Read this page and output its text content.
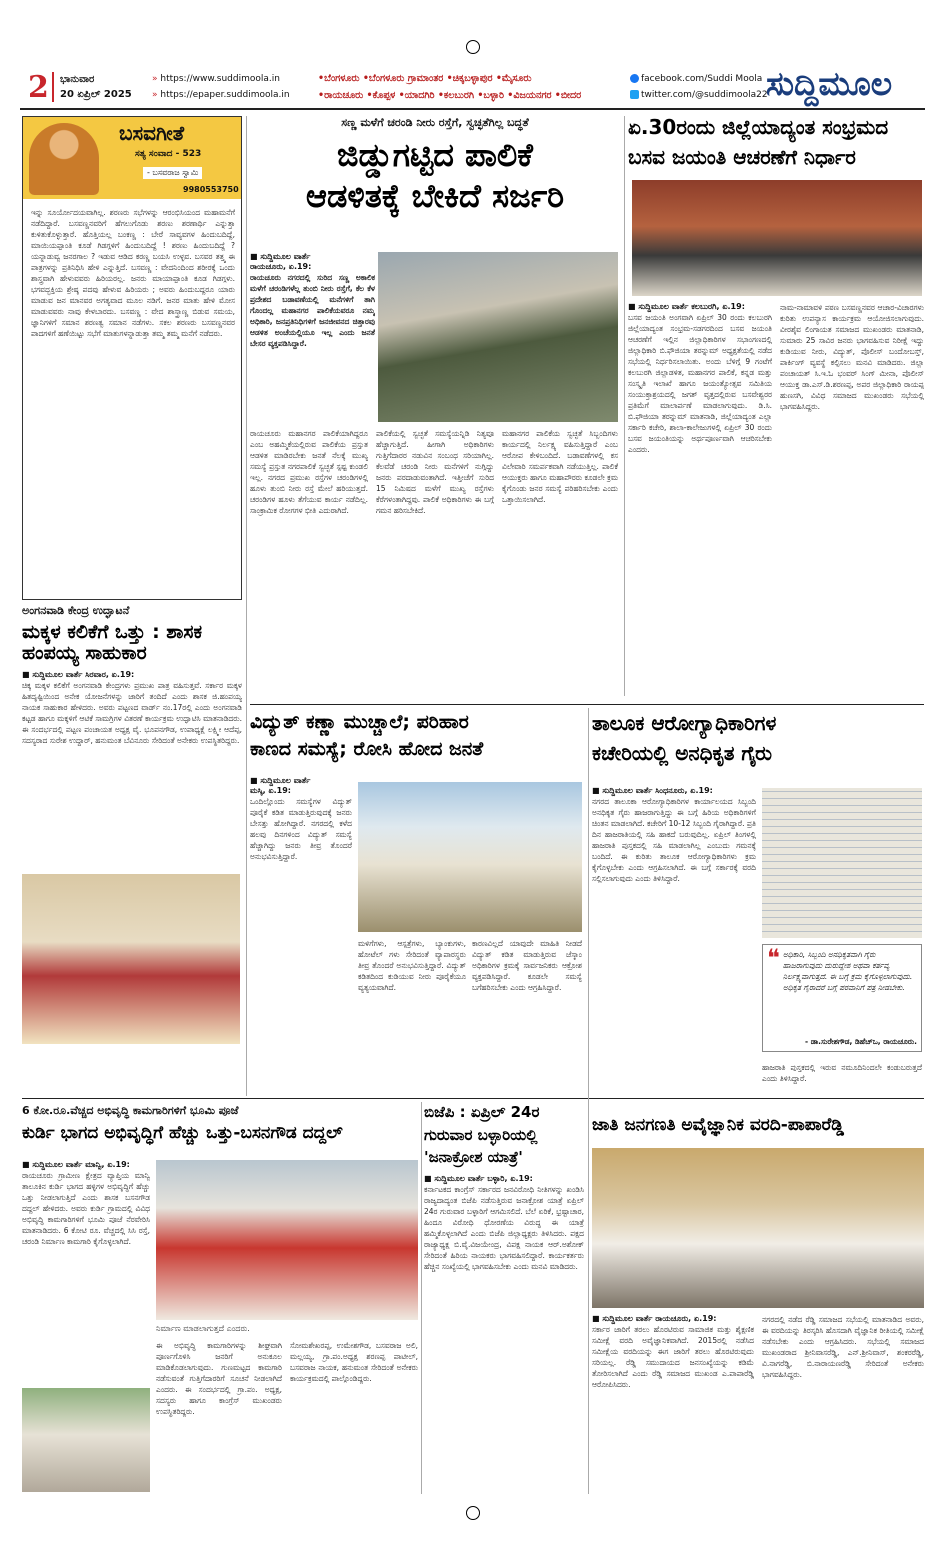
2 ಭಾನುವಾರ
20 ಏಪ್ರಿಲ್ 2025
» https://www.suddimoola.in
» https://epaper.suddimoola.in
•ಬೆಂಗಳೂರು •ಬೆಂಗಳೂರು ಗ್ರಾಮಾಂತರ •ಚಿಕ್ಕಬಳ್ಳಾಪುರ •ಮೈಸೂರು
•ರಾಯಚೂರು •ಕೊಪ್ಪಳ •ಯಾದಗಿರಿ •ಕಲಬುರಗಿ •ಬಳ್ಳಾರಿ •ವಿಜಯನಗರ •ಬೀದರ
facebook.com/Suddi Moola
twitter.com/@suddimoola22
ಸುದ್ದಿಮೂಲ
ಬಸವಗೀತೆ
ಸತ್ಯ ಸಂವಾದ - 523
- ಬಸವರಾಜ ಸ್ವಾಮಿ
9980553750
ಇನ್ನು ಸೂರ್ಯೋದಯವಾಗಿಲ್ಲ. ಶರಣರು ಸಭೆಗಳನ್ನು ಆರಂಭಿಸಿಯಂದ ಮಹಾಮನೆಗೆ ನಡೆದಿದ್ದಾರೆ. ಬಸವಣ್ಣನವರಿಗೆ ಹೆಗಲುಗೊಡು ಶರಣು ಶರಣಾರ್ಥಿ ಎನ್ನುತ್ತಾ ಕುಳಿತುಕೊಳ್ಳುತ್ತಾರೆ. ಹೊತ್ತಿಯಲ್ಲ ಬಂಕಣ್ಣ : ಬೇರೆ ಸಾವ್ಯವಗಳ ಹಿಂದುಬದಿದ್ದೆ, ಮಾಯಿಯಪ್ಪಾಂತಿ ಕೂಡೆ ಗಿಡಗ್ಗಳಿಗೆ ಹಿಂದುಬದಿದ್ದೆ ! ಶರಣು ಹಿಂದುಬದಿದ್ದೆ ? ಯನ್ನಾಡುವ್ವ ಜನರಗಾಲ ? ಇಡುವ ಆಡಿದ ಕರಣ್ಣ ಬಯಸಿ ಉಳ್ಳವ. ಬಸವರ ತತ್ತ್ವ ಈ ಪಾತ್ರಗಳನ್ನು ಪ್ರತಿನಿಧಿಸಿ ಹೇಳಿ ಎನ್ನುತ್ತಿದೆ. ಬಸವಣ್ಣ : ವೇದನಿಂದಿಂದ ಶರೀರಕ್ಕೆ ಒಂದು ಶಾಸ್ತ್ರವಾಗಿ ಹೇಳುವವರು ಹಿರಿಯರಲ್ಲ. ಜನರು ಮಾಯಾಪ್ಪಾಂತಿ ಕೂಡ ಗಿಡಗ್ಗಳು. ಭಗವದ್ಭಕ್ತಿಯ ಶ್ರೇಷ್ಠ ಪದವು ಹೇಳುವ ಹಿರಿಯರು ; ಅವರು ಹಿಂದುಬದ್ದರೂ ಯಾರು ಮಾಡುವ ಜನ ಮಾನವರ ಅಗತ್ಯವಾದ ಮೂಲ ನಡಿಗೆ. ಜನರ ಮಾತು ಹೇಳಿ ಮೋಸ ಮಾಡುವವರು ನಾವು ಕೇಳಬಾರದು. ಬಸವಣ್ಣ : ವೇದ ಶಾಸ್ತ್ರಾಣ್ಣ ಬಿಡುವ ಸಮಯ, ಜ್ಞಾನಿಗಳಿಗೆ ಸಮಾನ ಶರಣತ್ವ ಸಮಾನ ನಡೆಗಳು. ಸಕಲ ಶರಣರು ಬಸವಣ್ಣನವರ ಪಾದಗಳಿಗೆ ಹಣೆಯಿಟ್ಟು ಸಭೆಗೆ ಮಾತುಗಳನ್ನಾಡುತ್ತಾ ತಮ್ಮ ತಮ್ಮ ಮನೆಗೆ ನಡೆದರು.
ಅಂಗನವಾಡಿ ಕೇಂದ್ರ ಉದ್ಘಾಟನೆ
ಮಕ್ಕಳ ಕಲಿಕೆಗೆ ಒತ್ತು : ಶಾಸಕ
ಹಂಪಯ್ಯ ಸಾಹುಕಾರ
■ ಸುದ್ದಿಮೂಲ ವಾರ್ತೆ ಸಿರವಾರ, ಏ.19:
ಚಿಕ್ಕ ಮಕ್ಕಳ ಕಲಿಕೆಗೆ ಅಂಗನವಾಡಿ ಕೇಂದ್ರಗಳು ಪ್ರಮುಖ ಪಾತ್ರ ವಹಿಸುತ್ತವೆ. ಸರ್ಕಾರ ಮಕ್ಕಳ ಹಿತದೃಷ್ಟಿಯಿಂದ ಅನೇಕ ಯೋಜನೆಗಳನ್ನು ಜಾರಿಗೆ ತಂದಿದೆ ಎಂದು ಶಾಸಕ ಜಿ.ಹಂಪಯ್ಯ ನಾಯಕ ಸಾಹುಕಾರ ಹೇಳಿದರು. ಅವರು ಪಟ್ಟಣದ ವಾರ್ಡ್ ನಂ.17ರಲ್ಲಿ ಎಂದು ಅಂಗನವಾಡಿ ಕಟ್ಟಡ ಹಾಗೂ ಮಕ್ಕಳಿಗೆ ಆಟಿಕೆ ಸಾಮಗ್ರಿಗಳ ವಿತರಣೆ ಕಾರ್ಯಕ್ರಮ ಉದ್ಘಾಟಿಸಿ ಮಾತನಾಡಿದರು. ಈ ಸಂದರ್ಭದಲ್ಲಿ ಪಟ್ಟಣ ಪಂಚಾಯತ ಅಧ್ಯಕ್ಷ ವೈ. ಭೂಪನಗೌಡ, ಉಪಾಧ್ಯಕ್ಷೆ ಲಕ್ಷ್ಮೀ ಆದೆಪ್ಪ, ಸದಸ್ಯರಾದ ಸುರೇಶ ಉದ್ದಾರ್, ಹನುಮಂತ ಬೆವಿನೂರು ಸೇರಿದಂತೆ ಅನೇಕರು ಉಪಸ್ಥಿತರಿದ್ದರು.
ಸಣ್ಣ ಮಳೆಗೆ ಚರಂಡಿ ನೀರು ರಸ್ತೆಗೆ, ಸ್ವಚ್ಛತೆಗಿಲ್ಲ ಬದ್ಧತೆ
ಜಿಡ್ಡುಗಟ್ಟಿದ ಪಾಲಿಕೆ
ಆಡಳಿತಕ್ಕೆ ಬೇಕಿದೆ ಸರ್ಜರಿ
■ ಸುದ್ದಿಮೂಲ ವಾರ್ತೆ
ರಾಯಚೂರು, ಏ.19:
ರಾಯಚೂರು ನಗರದಲ್ಲಿ ಸುರಿದ ಸಣ್ಣ ಅಕಾಲಿಕ ಮಳೆಗೆ ಚರಂಡಿಗಳೆಲ್ಲ ತುಂಬಿ ನೀರು ರಸ್ತೆಗೆ, ಕೆಲ ಕೆಳ ಪ್ರದೇಶದ ಬಡಾವಣೆಯಲ್ಲಿ ಮನೆಗಳಿಗೆ ತಾಗಿ ಗೊಂದಲ್ಲ ಮಹಾನಗರ ಪಾಲಿಕೆಯವರೂ ನಮ್ಮ ಅಧಿಕಾರಿ, ಜನಪ್ರತಿನಿಧಿಗಳಿಗೆ ಜನಜೀವನದ ಚಿತ್ತಾರವು ಆಡಳಿತ ಅಂಚೆಯಲ್ಲಿಯೂ ಇಲ್ಲ ಎಂದು ಜನತೆ ಬೇಸರ ವ್ಯಕ್ತಪಡಿಸಿದ್ದಾರೆ.
ರಾಯಚೂರು ಮಹಾನಗರ ಪಾಲಿಕೆಯಾಗಿದ್ದರೂ ಎಂಬ ಅಹಮ್ಮಿಕೆಯಲ್ಲಿರುವ ಪಾಲಿಕೆಯ ಪ್ರಸ್ತುತ ಆಡಳಿತ ಮಾಡಿರಬೇಕು ಜನತೆ ನೆಲಕ್ಕೆ ಮುಖ್ಯ ಸಮಸ್ಯೆ ಪ್ರಸ್ತುತ ನಗರಪಾಲಿಕೆ ಸ್ವಚ್ಛತೆ ಸ್ಪಷ್ಟ ಕುಂಡಲಿ ಇಲ್ಲ. ನಗರದ ಪ್ರಮುಖ ರಸ್ತೆಗಳ ಚರಂಡಿಗಳಲ್ಲಿ ಹೂಳು ತುಂಬಿ ನೀರು ರಸ್ತೆ ಮೇಲೆ ಹರಿಯುತ್ತದೆ. ಚರಂಡಿಗಳ ಹೂಳು ತೆಗೆಯುವ ಕಾರ್ಯ ನಡೆದಿಲ್ಲ. ಸಾಂಕ್ರಾಮಿಕ ರೋಗಗಳ ಭೀತಿ ಎದುರಾಗಿದೆ.
ಪಾಲಿಕೆಯಲ್ಲಿ ಸ್ವಚ್ಛತೆ ಸಮಸ್ಯೆಯನ್ನಿಡಿ ನಿತ್ಯವೂ ಹೆಚ್ಚಾಗುತ್ತಿದೆ. ಹೀಗಾಗಿ ಅಧಿಕಾರಿಗಳು ಗುತ್ತಿಗೆದಾರರ ನಡುವಿನ ಸಂಬಂಧ ಸರಿಯಾಗಿಲ್ಲ. ಕೆಲವೆಡೆ ಚರಂಡಿ ನೀರು ಮನೆಗಳಿಗೆ ನುಗ್ಗಿದ್ದು ಜನರು ಪರದಾಡುವಂತಾಗಿದೆ. ಇತ್ತೀಚೆಗೆ ಸುರಿದ 15 ನಿಮಿಷದ ಮಳೆಗೆ ಮುಖ್ಯ ರಸ್ತೆಗಳು ಕೆರೆಗಳಂತಾಗಿದ್ದವು. ಪಾಲಿಕೆ ಅಧಿಕಾರಿಗಳು ಈ ಬಗ್ಗೆ ಗಮನ ಹರಿಸಬೇಕಿದೆ.
ಮಹಾನಗರ ಪಾಲಿಕೆಯ ಸ್ವಚ್ಛತೆ ಸಿಬ್ಬಂದಿಗಳು ಕಾರ್ಯದಲ್ಲಿ ನಿರ್ಲಕ್ಷ್ಯ ವಹಿಸುತ್ತಿದ್ದಾರೆ ಎಂಬ ಆರೋಪ ಕೇಳಿಬಂದಿದೆ. ಬಡಾವಣೆಗಳಲ್ಲಿ ಕಸ ವಿಲೇವಾರಿ ಸಮರ್ಪಕವಾಗಿ ನಡೆಯುತ್ತಿಲ್ಲ. ಪಾಲಿಕೆ ಆಯುಕ್ತರು ಹಾಗೂ ಮಹಾಪೌರರು ಕೂಡಲೇ ಕ್ರಮ ಕೈಗೊಂಡು ಜನರ ಸಮಸ್ಯೆ ಪರಿಹರಿಸಬೇಕು ಎಂದು ಒತ್ತಾಯಿಸಲಾಗಿದೆ.
ಏ.30ರಂದು ಜಿಲ್ಲೆಯಾದ್ಯಂತ ಸಂಭ್ರಮದ
ಬಸವ ಜಯಂತಿ ಆಚರಣೆಗೆ ನಿರ್ಧಾರ
■ ಸುದ್ದಿಮೂಲ ವಾರ್ತೆ ಕಲಬುರಗಿ, ಏ.19:
ಬಸವ ಜಯಂತಿ ಅಂಗವಾಗಿ ಏಪ್ರಿಲ್ 30 ರಂದು ಕಲಬುರಗಿ ಜಿಲ್ಲೆಯಾದ್ಯಂತ ಸಂಭ್ರಮ-ಸಡಗರದಿಂದ ಬಸವ ಜಯಂತಿ ಆಚರಣೆಗೆ ಇಲ್ಲಿನ ಜಿಲ್ಲಾಧಿಕಾರಿಗಳ ಸಭಾಂಗಣದಲ್ಲಿ ಜಿಲ್ಲಾಧಿಕಾರಿ ಬಿ.ಫೌಜಿಯಾ ತರನ್ನುಮ್ ಅಧ್ಯಕ್ಷತೆಯಲ್ಲಿ ನಡೆದ ಸಭೆಯಲ್ಲಿ ನಿರ್ಧರಿಸಲಾಯಿತು. ಅಂದು ಬೆಳಿಗ್ಗೆ 9 ಗಂಟೆಗೆ ಕಲಬುರಗಿ ಜಿಲ್ಲಾಡಳಿತ, ಮಹಾನಗರ ಪಾಲಿಕೆ, ಕನ್ನಡ ಮತ್ತು ಸಂಸ್ಕೃತಿ ಇಲಾಖೆ ಹಾಗೂ ಜಯಂತ್ಯೋತ್ಸವ ಸಮಿತಿಯ ಸಂಯುಕ್ತಾಶ್ರಯದಲ್ಲಿ ಜಗತ್ ವೃತ್ತದಲ್ಲಿರುವ ಬಸವೇಶ್ವರರ ಪ್ರತಿಮೆಗೆ ಮಾಲಾರ್ಪಣೆ ಮಾಡಲಾಗುವುದು. ಡಿ.ಸಿ. ಬಿ.ಫೌಜಿಯಾ ತರನ್ನುಮ್ ಮಾತನಾಡಿ, ಜಿಲ್ಲೆಯಾದ್ಯಂತ ಎಲ್ಲಾ ಸರ್ಕಾರಿ ಕಚೇರಿ, ಶಾಲಾ-ಕಾಲೇಜುಗಳಲ್ಲಿ ಏಪ್ರಿಲ್ 30 ರಂದು ಬಸವ ಜಯಂತಿಯನ್ನು ಅರ್ಥಪೂರ್ಣವಾಗಿ ಆಚರಿಸಬೇಕು ಎಂದರು.
ನಾಮ-ನಾಮಾವಳಿ ಪಠಣ ಬಸವಣ್ಣನವರ ಆಚಾರ-ವಿಚಾರಗಳು ಕುರಿತು ಉಪನ್ಯಾಸ ಕಾರ್ಯಕ್ರಮ ಆಯೋಜಿಸಲಾಗುವುದು. ವೀರಶೈವ ಲಿಂಗಾಯತ ಸಮಾಜದ ಮುಖಂಡರು ಮಾತನಾಡಿ, ಸುಮಾರು 25 ಸಾವಿರ ಜನರು ಭಾಗವಹಿಸುವ ನಿರೀಕ್ಷೆ ಇದ್ದು ಕುಡಿಯುವ ನೀರು, ವಿದ್ಯುತ್, ಪೊಲೀಸ್ ಬಂದೋಬಸ್ತ್, ಪಾರ್ಕಿಂಗ್ ವ್ಯವಸ್ಥೆ ಕಲ್ಪಿಸಲು ಮನವಿ ಮಾಡಿದರು. ಜಿಲ್ಲಾ ಪಂಚಾಯತ್ ಸಿ.ಇ.ಓ ಭಂವರ್ ಸಿಂಗ್ ಮೀನಾ, ಪೊಲೀಸ್ ಆಯುಕ್ತ ಡಾ.ಎಸ್.ಡಿ.ಶರಣಪ್ಪ, ಅಪರ ಜಿಲ್ಲಾಧಿಕಾರಿ ರಾಯಪ್ಪ ಹುಣಸಗಿ, ವಿವಿಧ ಸಮಾಜದ ಮುಖಂಡರು ಸಭೆಯಲ್ಲಿ ಭಾಗವಹಿಸಿದ್ದರು.
ವಿದ್ಯುತ್ ಕಣ್ಣಾ ಮುಚ್ಚಾಲೆ; ಪರಿಹಾರ
ಕಾಣದ ಸಮಸ್ಯೆ; ರೋಸಿ ಹೋದ ಜನತೆ
■ ಸುದ್ದಿಮೂಲ ವಾರ್ತೆ
ಮಸ್ಕಿ, ಏ.19:
ಒಂದಿಲ್ಲೊಂದು ಸಮಸ್ಯೆಗಳ ವಿದ್ಯುತ್ ಪೂರೈಕೆ ಕಡಿತ ಮಾಡುತ್ತಿರುವುದಕ್ಕೆ ಜನರು ಬೇಸತ್ತು ಹೋಗಿದ್ದಾರೆ. ನಗರದಲ್ಲಿ ಕಳೆದ ಹಲವು ದಿನಗಳಿಂದ ವಿದ್ಯುತ್ ಸಮಸ್ಯೆ ಹೆಚ್ಚಾಗಿದ್ದು ಜನರು ತೀವ್ರ ತೊಂದರೆ ಅನುಭವಿಸುತ್ತಿದ್ದಾರೆ.
ಮಳಿಗೆಗಳು, ಆಸ್ಪತ್ರೆಗಳು, ಬ್ಯಾಂಕುಗಳು, ಹೋಟೆಲ್ ಗಳು ಸೇರಿದಂತೆ ವ್ಯಾಪಾರಸ್ಥರು ತೀವ್ರ ತೊಂದರೆ ಅನುಭವಿಸುತ್ತಿದ್ದಾರೆ. ವಿದ್ಯುತ್ ಕಡಿತದಿಂದ ಕುಡಿಯುವ ನೀರು ಪೂರೈಕೆಯೂ ವ್ಯತ್ಯಯವಾಗಿದೆ.
ಕಾರಣವಿಲ್ಲದೆ ಯಾವುದೇ ಮಾಹಿತಿ ನೀಡದೆ ವಿದ್ಯುತ್ ಕಡಿತ ಮಾಡುತ್ತಿರುವ ಜೆಸ್ಕಾಂ ಅಧಿಕಾರಿಗಳ ಕ್ರಮಕ್ಕೆ ಸಾರ್ವಜನಿಕರು ಆಕ್ರೋಶ ವ್ಯಕ್ತಪಡಿಸಿದ್ದಾರೆ. ಕೂಡಲೇ ಸಮಸ್ಯೆ ಬಗೆಹರಿಸಬೇಕು ಎಂದು ಆಗ್ರಹಿಸಿದ್ದಾರೆ.
ತಾಲೂಕ ಆರೋಗ್ಯಾಧಿಕಾರಿಗಳ
ಕಚೇರಿಯಲ್ಲಿ ಅನಧಿಕೃತ ಗೈರು
■ ಸುದ್ದಿಮೂಲ ವಾರ್ತೆ ಸಿಂಧನೂರು, ಏ.19:
ನಗರದ ತಾಲೂಕಾ ಆರೋಗ್ಯಾಧಿಕಾರಿಗಳ ಕಾರ್ಯಾಲಯದ ಸಿಬ್ಬಂದಿ ಅನಧಿಕೃತ ಗೈರು ಹಾಜರಾಗುತ್ತಿದ್ದು ಈ ಬಗ್ಗೆ ಹಿರಿಯ ಅಧಿಕಾರಿಗಳಿಗೆ ಚಿಂತನ ಮಾಡಲಾಗಿದೆ. ಕಚೇರಿಗೆ 10-12 ಸಿಬ್ಬಂದಿ ಗೈರಾಗಿದ್ದಾರೆ. ಪ್ರತಿ ದಿನ ಹಾಜರಾತಿಯಲ್ಲಿ ಸಹಿ ಹಾಕದೆ ಬರುವುದಿಲ್ಲ. ಏಪ್ರಿಲ್ ತಿಂಗಳಲ್ಲಿ ಹಾಜರಾತಿ ಪುಸ್ತಕದಲ್ಲಿ ಸಹಿ ಮಾಡಲಾಗಿಲ್ಲ ಎಂಬುದು ಗಮನಕ್ಕೆ ಬಂದಿದೆ. ಈ ಕುರಿತು ತಾಲೂಕ ಆರೋಗ್ಯಾಧಿಕಾರಿಗಳು ಕ್ರಮ ಕೈಗೊಳ್ಳಬೇಕು ಎಂದು ಆಗ್ರಹಿಸಲಾಗಿದೆ. ಈ ಬಗ್ಗೆ ಸರ್ಕಾರಕ್ಕೆ ವರದಿ ಸಲ್ಲಿಸಲಾಗುವುದು ಎಂದು ತಿಳಿಸಿದ್ದಾರೆ.
❝ ಅಧಿಕಾರಿ, ಸಿಬ್ಬಂದಿ ಅನಧಿಕೃತವಾಗಿ ಗೈರು ಹಾಜರಾಗುವುದು ದುರುದ್ದೇಶ ಅಥವಾ ಕರ್ತವ್ಯ ನಿರ್ಲಕ್ಷ್ಯವಾಗುತ್ತದೆ. ಈ ಬಗ್ಗೆ ಕ್ರಮ ಕೈಗೊಳ್ಳಲಾಗುವುದು. ಅಧಿಕೃತ ಗೈರಾದರೆ ಬಗ್ಗೆ ಪರವಾನಿಗೆ ಪತ್ರ ನೀಡಬೇಕು.
- ಡಾ.ಸುರೇಶಗೌಡ, ಡಿಹೆಚ್ಒ, ರಾಯಚೂರು.
ಹಾಜರಾತಿ ಪುಸ್ತಕದಲ್ಲಿ ಇರುವ ನಮೂದಿನಿಂದಲೇ ಕಂಡುಬರುತ್ತದೆ ಎಂದು ತಿಳಿಸಿದ್ದಾರೆ.
6 ಕೋ.ರೂ.ವೆಚ್ಚದ ಅಭಿವೃದ್ಧಿ ಕಾಮಗಾರಿಗಳಿಗೆ ಭೂಮಿ ಪೂಜೆ
ಕುರ್ಡಿ ಭಾಗದ ಅಭಿವೃದ್ಧಿಗೆ ಹೆಚ್ಚು ಒತ್ತು-ಬಸನಗೌಡ ದದ್ದಲ್
■ ಸುದ್ದಿಮೂಲ ವಾರ್ತೆ ಮಾನ್ವಿ, ಏ.19:
ರಾಯಚೂರು ಗ್ರಾಮೀಣ ಕ್ಷೇತ್ರದ ವ್ಯಾಪ್ತಿಯ ಮಾನ್ವಿ ತಾಲೂಕಿನ ಕುರ್ಡಿ ಭಾಗದ ಹಳ್ಳಿಗಳ ಅಭಿವೃದ್ಧಿಗೆ ಹೆಚ್ಚು ಒತ್ತು ನೀಡಲಾಗುತ್ತಿದೆ ಎಂದು ಶಾಸಕ ಬಸನಗೌಡ ದದ್ದಲ್ ಹೇಳಿದರು. ಅವರು ಕುರ್ಡಿ ಗ್ರಾಮದಲ್ಲಿ ವಿವಿಧ ಅಭಿವೃದ್ಧಿ ಕಾಮಗಾರಿಗಳಿಗೆ ಭೂಮಿ ಪೂಜೆ ನೆರವೇರಿಸಿ ಮಾತನಾಡಿದರು. 6 ಕೋಟಿ ರೂ. ವೆಚ್ಚದಲ್ಲಿ ಸಿಸಿ ರಸ್ತೆ, ಚರಂಡಿ ನಿರ್ಮಾಣ ಕಾಮಗಾರಿ ಕೈಗೊಳ್ಳಲಾಗಿದೆ.
ನಿರ್ಮಾಣ ಮಾಡಲಾಗುತ್ತದೆ ಎಂದರು.
ಈ ಅಭಿವೃದ್ಧಿ ಕಾಮಗಾರಿಗಳನ್ನು ಶೀಘ್ರವಾಗಿ ಪೂರ್ಣಗೊಳಿಸಿ ಜನರಿಗೆ ಅನುಕೂಲ ಮಾಡಿಕೊಡಲಾಗುವುದು. ಗುಣಮಟ್ಟದ ಕಾಮಗಾರಿ ನಡೆಸುವಂತೆ ಗುತ್ತಿಗೆದಾರರಿಗೆ ಸೂಚನೆ ನೀಡಲಾಗಿದೆ ಎಂದರು. ಈ ಸಂದರ್ಭದಲ್ಲಿ ಗ್ರಾ.ಪಂ. ಅಧ್ಯಕ್ಷ, ಸದಸ್ಯರು ಹಾಗೂ ಕಾಂಗ್ರೆಸ್ ಮುಖಂಡರು ಉಪಸ್ಥಿತರಿದ್ದರು.
ಸೋಮಶೇಖರಪ್ಪ, ಉಮೇಶಗೌಡ, ಬಸವರಾಜ ಅಲಿ, ಮಲ್ಲಯ್ಯ, ಗ್ರಾ.ಪಂ.ಅಧ್ಯಕ್ಷ ಶರಣಪ್ಪ ಪಾಟೀಲ್, ಬಸವರಾಜ ನಾಯಕ, ಹನುಮಂತ ಸೇರಿದಂತೆ ಅನೇಕರು ಕಾರ್ಯಕ್ರಮದಲ್ಲಿ ಪಾಲ್ಗೊಂಡಿದ್ದರು.
ಬಿಜೆಪಿ : ಏಪ್ರಿಲ್ 24ರ
ಗುರುವಾರ ಬಳ್ಳಾರಿಯಲ್ಲಿ
'ಜನಾಕ್ರೋಶ ಯಾತ್ರೆ'
■ ಸುದ್ದಿಮೂಲ ವಾರ್ತೆ ಬಳ್ಳಾರಿ, ಏ.19:
ಕರ್ನಾಟಕದ ಕಾಂಗ್ರೆಸ್ ಸರ್ಕಾರದ ಜನವಿರೋಧಿ ನೀತಿಗಳನ್ನು ಖಂಡಿಸಿ ರಾಜ್ಯದಾದ್ಯಂತ ಬಿಜೆಪಿ ನಡೆಸುತ್ತಿರುವ ಜನಾಕ್ರೋಶ ಯಾತ್ರೆ ಏಪ್ರಿಲ್ 24ರ ಗುರುವಾರ ಬಳ್ಳಾರಿಗೆ ಆಗಮಿಸಲಿದೆ. ಬೆಲೆ ಏರಿಕೆ, ಭ್ರಷ್ಟಾಚಾರ, ಹಿಂದೂ ವಿರೋಧಿ ಧೋರಣೆಯ ವಿರುದ್ಧ ಈ ಯಾತ್ರೆ ಹಮ್ಮಿಕೊಳ್ಳಲಾಗಿದೆ ಎಂದು ಬಿಜೆಪಿ ಜಿಲ್ಲಾಧ್ಯಕ್ಷರು ತಿಳಿಸಿದರು. ಪಕ್ಷದ ರಾಜ್ಯಾಧ್ಯಕ್ಷ ಬಿ.ವೈ.ವಿಜಯೇಂದ್ರ, ವಿಪಕ್ಷ ನಾಯಕ ಆರ್.ಅಶೋಕ್ ಸೇರಿದಂತೆ ಹಿರಿಯ ನಾಯಕರು ಭಾಗವಹಿಸಲಿದ್ದಾರೆ. ಕಾರ್ಯಕರ್ತರು ಹೆಚ್ಚಿನ ಸಂಖ್ಯೆಯಲ್ಲಿ ಭಾಗವಹಿಸಬೇಕು ಎಂದು ಮನವಿ ಮಾಡಿದರು.
ಜಾತಿ ಜನಗಣತಿ ಅವೈಜ್ಞಾನಿಕ ವರದಿ-ಪಾಪಾರೆಡ್ಡಿ
■ ಸುದ್ದಿಮೂಲ ವಾರ್ತೆ ರಾಯಚೂರು, ಏ.19:
ಸರ್ಕಾರ ಜಾರಿಗೆ ತರಲು ಹೊರಟಿರುವ ಸಾಮಾಜಿಕ ಮತ್ತು ಶೈಕ್ಷಣಿಕ ಸಮೀಕ್ಷೆ ವರದಿ ಅವೈಜ್ಞಾನಿಕವಾಗಿದೆ. 2015ರಲ್ಲಿ ನಡೆಸಿದ ಸಮೀಕ್ಷೆಯ ವರದಿಯನ್ನು ಈಗ ಜಾರಿಗೆ ತರಲು ಹೊರಟಿರುವುದು ಸರಿಯಲ್ಲ. ರೆಡ್ಡಿ ಸಮುದಾಯದ ಜನಸಂಖ್ಯೆಯನ್ನು ಕಡಿಮೆ ತೋರಿಸಲಾಗಿದೆ ಎಂದು ರೆಡ್ಡಿ ಸಮಾಜದ ಮುಖಂಡ ಎ.ಪಾಪಾರೆಡ್ಡಿ ಆರೋಪಿಸಿದರು.
ನಗರದಲ್ಲಿ ನಡೆದ ರೆಡ್ಡಿ ಸಮಾಜದ ಸಭೆಯಲ್ಲಿ ಮಾತನಾಡಿದ ಅವರು, ಈ ವರದಿಯನ್ನು ತಿರಸ್ಕರಿಸಿ ಹೊಸದಾಗಿ ವೈಜ್ಞಾನಿಕ ರೀತಿಯಲ್ಲಿ ಸಮೀಕ್ಷೆ ನಡೆಸಬೇಕು ಎಂದು ಆಗ್ರಹಿಸಿದರು. ಸಭೆಯಲ್ಲಿ ಸಮಾಜದ ಮುಖಂಡರಾದ ಶ್ರೀನಿವಾಸರೆಡ್ಡಿ, ಎನ್.ಶ್ರೀನಿವಾಸ್, ಶಂಕರರೆಡ್ಡಿ, ವಿ.ನಾಗರೆಡ್ಡಿ, ಬಿ.ನಾರಾಯಣರೆಡ್ಡಿ ಸೇರಿದಂತೆ ಅನೇಕರು ಭಾಗವಹಿಸಿದ್ದರು.
